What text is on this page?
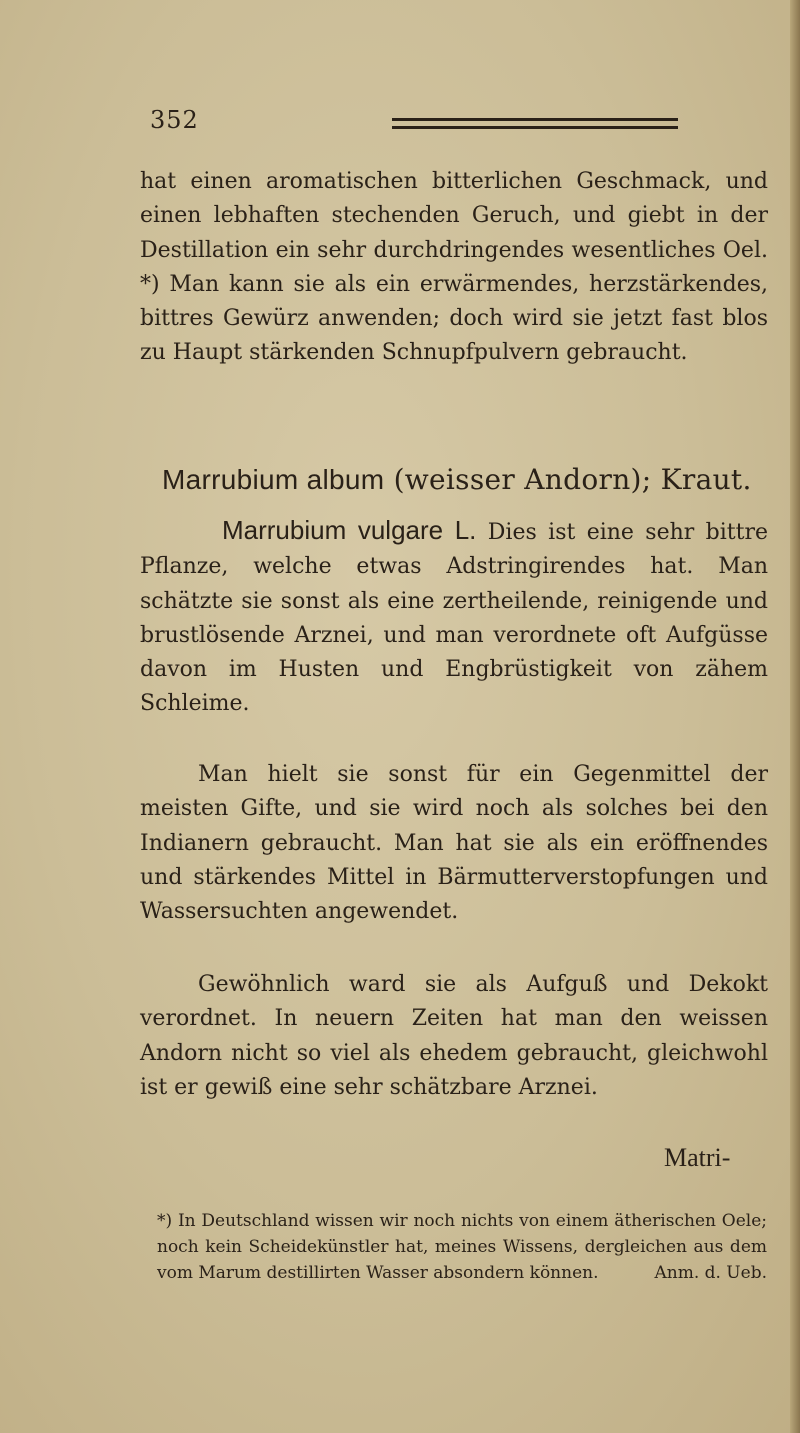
352

hat einen aromatischen bitterlichen Geschmack, und einen lebhaften stechenden Geruch, und giebt in der Destillation ein sehr durchdringendes wesentliches Oel. *) Man kann sie als ein erwärmendes, herzstärkendes, bittres Gewürz anwenden; doch wird sie jetzt fast blos zu Haupt stärkenden Schnupfpulvern gebraucht.

Marrubium album (weisser Andorn); Kraut.

Marrubium vulgare L. Dies ist eine sehr bittre Pflanze, welche etwas Adstringirendes hat. Man schätzte sie sonst als eine zertheilende, reinigende und brustlösende Arznei, und man verordnete oft Aufgüsse davon im Husten und Engbrüstigkeit von zähem Schleime.

Man hielt sie sonst für ein Gegenmittel der meisten Gifte, und sie wird noch als solches bei den Indianern gebraucht. Man hat sie als ein eröffnendes und stärkendes Mittel in Bärmutterverstopfungen und Wassersuchten angewendet.

Gewöhnlich ward sie als Aufguß und Dekokt verordnet. In neuern Zeiten hat man den weissen Andorn nicht so viel als ehedem gebraucht, gleichwohl ist er gewiß eine sehr schätzbare Arznei.

Matri-
*) In Deutschland wissen wir noch nichts von einem ätherischen Oele; noch kein Scheidekünstler hat, meines Wissens, dergleichen aus dem vom Marum destillirten Wasser absondern können.	Anm. d. Ueb.
